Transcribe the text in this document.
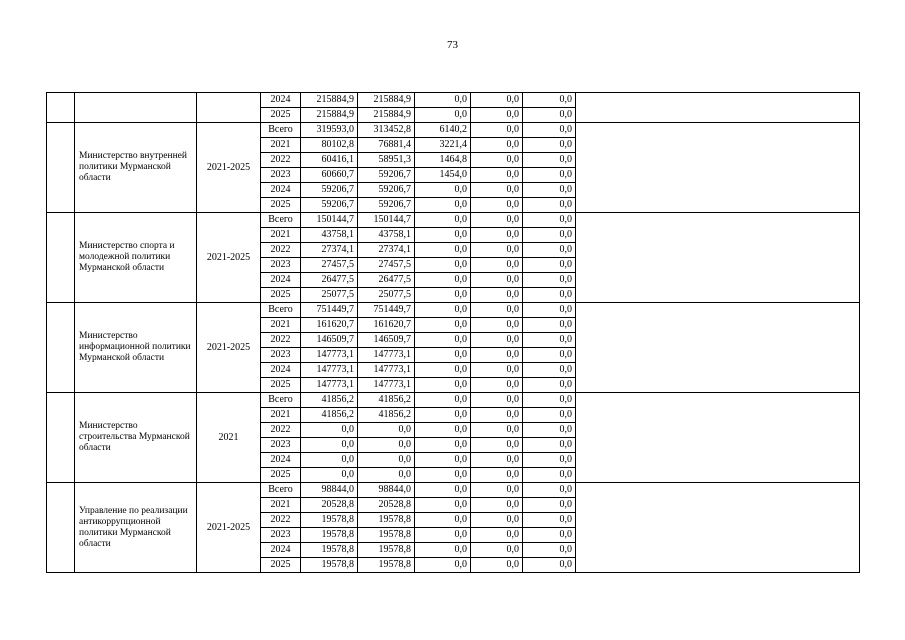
73
			2024	215884,9	215884,9	0,0	0,0	0,0	
			2025	215884,9	215884,9	0,0	0,0	0,0	
	Министерство внутренней политики Мурманской области	2021-2025	Всего	319593,0	313452,8	6140,2	0,0	0,0	
			2021	80102,8	76881,4	3221,4	0,0	0,0	
			2022	60416,1	58951,3	1464,8	0,0	0,0	
			2023	60660,7	59206,7	1454,0	0,0	0,0	
			2024	59206,7	59206,7	0,0	0,0	0,0	
			2025	59206,7	59206,7	0,0	0,0	0,0	
	Министерство спорта и молодежной политики Мурманской области	2021-2025	Всего	150144,7	150144,7	0,0	0,0	0,0	
			2021	43758,1	43758,1	0,0	0,0	0,0	
			2022	27374,1	27374,1	0,0	0,0	0,0	
			2023	27457,5	27457,5	0,0	0,0	0,0	
			2024	26477,5	26477,5	0,0	0,0	0,0	
			2025	25077,5	25077,5	0,0	0,0	0,0	
	Министерство информационной политики Мурманской области	2021-2025	Всего	751449,7	751449,7	0,0	0,0	0,0	
			2021	161620,7	161620,7	0,0	0,0	0,0	
			2022	146509,7	146509,7	0,0	0,0	0,0	
			2023	147773,1	147773,1	0,0	0,0	0,0	
			2024	147773,1	147773,1	0,0	0,0	0,0	
			2025	147773,1	147773,1	0,0	0,0	0,0	
	Министерство строительства Мурманской области	2021	Всего	41856,2	41856,2	0,0	0,0	0,0	
			2021	41856,2	41856,2	0,0	0,0	0,0	
			2022	0,0	0,0	0,0	0,0	0,0	
			2023	0,0	0,0	0,0	0,0	0,0	
			2024	0,0	0,0	0,0	0,0	0,0	
			2025	0,0	0,0	0,0	0,0	0,0	
	Управление по реализации антикоррупционной политики Мурманской области	2021-2025	Всего	98844,0	98844,0	0,0	0,0	0,0	
			2021	20528,8	20528,8	0,0	0,0	0,0	
			2022	19578,8	19578,8	0,0	0,0	0,0	
			2023	19578,8	19578,8	0,0	0,0	0,0	
			2024	19578,8	19578,8	0,0	0,0	0,0	
			2025	19578,8	19578,8	0,0	0,0	0,0	
